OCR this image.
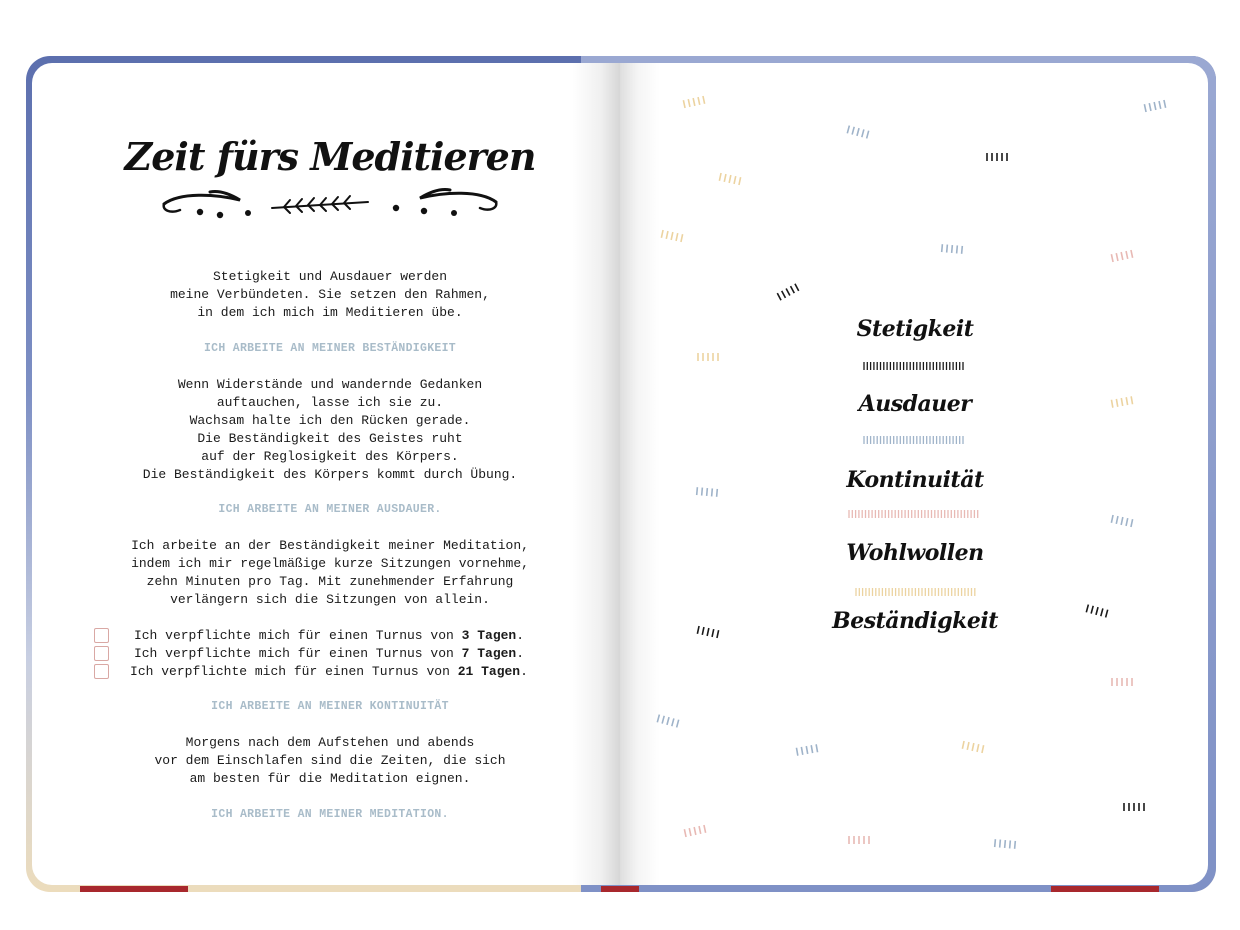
Zeit fürs Meditieren

Stetigkeit und Ausdauer werden
meine Verbündeten. Sie setzen den Rahmen,
in dem ich mich im Meditieren übe.

ICH ARBEITE AN MEINER BESTÄNDIGKEIT

Wenn Widerstände und wandernde Gedanken
auftauchen, lasse ich sie zu.
Wachsam halte ich den Rücken gerade.
Die Beständigkeit des Geistes ruht
auf der Reglosigkeit des Körpers.
Die Beständigkeit des Körpers kommt durch Übung.

ICH ARBEITE AN MEINER AUSDAUER.

Ich arbeite an der Beständigkeit meiner Meditation,
indem ich mir regelmäßige kurze Sitzungen vornehme,
zehn Minuten pro Tag. Mit zunehmender Erfahrung
verlängern sich die Sitzungen von allein.

Ich verpflichte mich für einen Turnus von 3 Tagen.
Ich verpflichte mich für einen Turnus von 7 Tagen.
Ich verpflichte mich für einen Turnus von 21 Tagen.
ICH ARBEITE AN MEINER KONTINUITÄT

Morgens nach dem Aufstehen und abends
vor dem Einschlafen sind die Zeiten, die sich
am besten für die Meditation eignen.

ICH ARBEITE AN MEINER MEDITATION.
Stetigkeit
Ausdauer
Kontinuität
Wohlwollen
Beständigkeit
